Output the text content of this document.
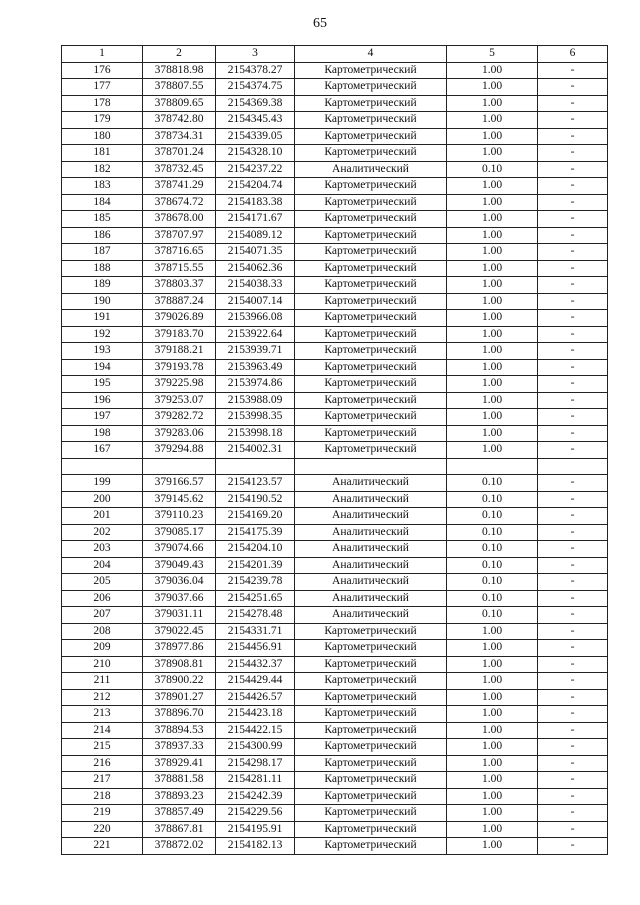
65
1	2	3	4	5	6
176	378818.98	2154378.27	Картометрический	1.00	-
177	378807.55	2154374.75	Картометрический	1.00	-
178	378809.65	2154369.38	Картометрический	1.00	-
179	378742.80	2154345.43	Картометрический	1.00	-
180	378734.31	2154339.05	Картометрический	1.00	-
181	378701.24	2154328.10	Картометрический	1.00	-
182	378732.45	2154237.22	Аналитический	0.10	-
183	378741.29	2154204.74	Картометрический	1.00	-
184	378674.72	2154183.38	Картометрический	1.00	-
185	378678.00	2154171.67	Картометрический	1.00	-
186	378707.97	2154089.12	Картометрический	1.00	-
187	378716.65	2154071.35	Картометрический	1.00	-
188	378715.55	2154062.36	Картометрический	1.00	-
189	378803.37	2154038.33	Картометрический	1.00	-
190	378887.24	2154007.14	Картометрический	1.00	-
191	379026.89	2153966.08	Картометрический	1.00	-
192	379183.70	2153922.64	Картометрический	1.00	-
193	379188.21	2153939.71	Картометрический	1.00	-
194	379193.78	2153963.49	Картометрический	1.00	-
195	379225.98	2153974.86	Картометрический	1.00	-
196	379253.07	2153988.09	Картометрический	1.00	-
197	379282.72	2153998.35	Картометрический	1.00	-
198	379283.06	2153998.18	Картометрический	1.00	-
167	379294.88	2154002.31	Картометрический	1.00	-

199	379166.57	2154123.57	Аналитический	0.10	-
200	379145.62	2154190.52	Аналитический	0.10	-
201	379110.23	2154169.20	Аналитический	0.10	-
202	379085.17	2154175.39	Аналитический	0.10	-
203	379074.66	2154204.10	Аналитический	0.10	-
204	379049.43	2154201.39	Аналитический	0.10	-
205	379036.04	2154239.78	Аналитический	0.10	-
206	379037.66	2154251.65	Аналитический	0.10	-
207	379031.11	2154278.48	Аналитический	0.10	-
208	379022.45	2154331.71	Картометрический	1.00	-
209	378977.86	2154456.91	Картометрический	1.00	-
210	378908.81	2154432.37	Картометрический	1.00	-
211	378900.22	2154429.44	Картометрический	1.00	-
212	378901.27	2154426.57	Картометрический	1.00	-
213	378896.70	2154423.18	Картометрический	1.00	-
214	378894.53	2154422.15	Картометрический	1.00	-
215	378937.33	2154300.99	Картометрический	1.00	-
216	378929.41	2154298.17	Картометрический	1.00	-
217	378881.58	2154281.11	Картометрический	1.00	-
218	378893.23	2154242.39	Картометрический	1.00	-
219	378857.49	2154229.56	Картометрический	1.00	-
220	378867.81	2154195.91	Картометрический	1.00	-
221	378872.02	2154182.13	Картометрический	1.00	-
